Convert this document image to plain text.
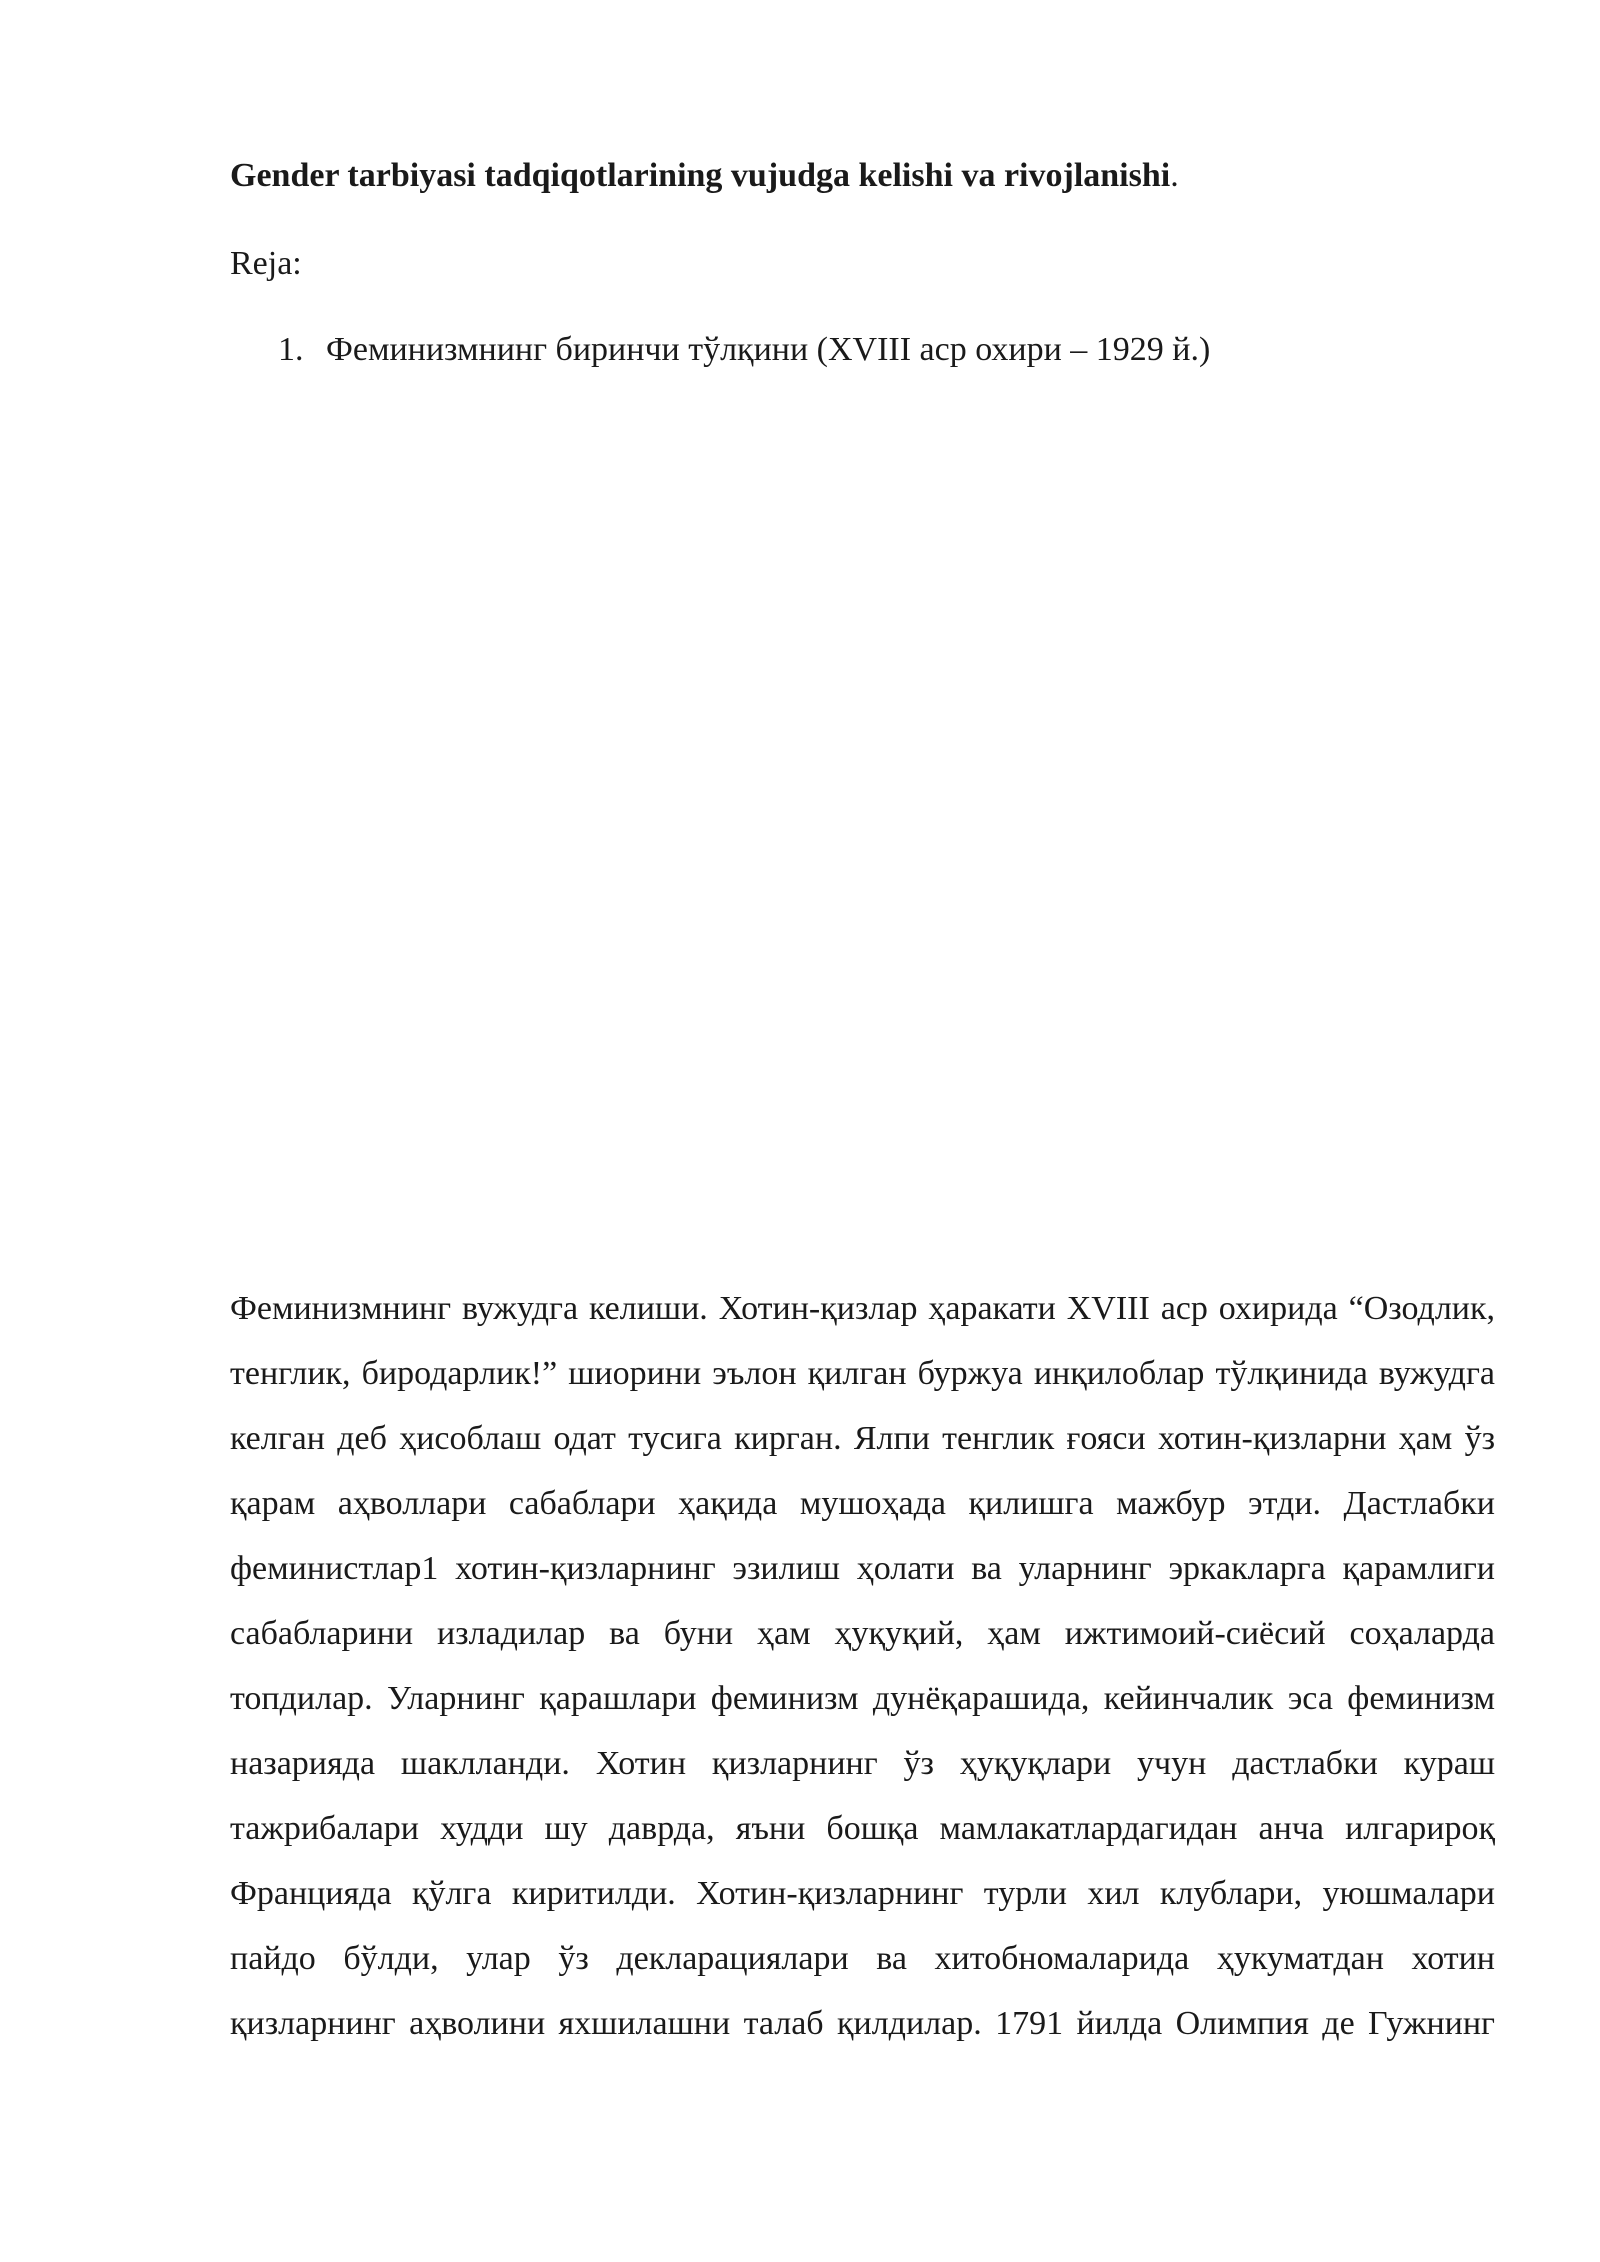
Gender tarbiyasi tadqiqotlarining vujudga kelishi va rivojlanishi.
Reja:
1. Феминизмнинг биринчи тўлқини (XVIII аср охири – 1929 й.)

Феминизмнинг вужудга келиши. Хотин-қизлар ҳаракати XVIII аср охирида “Озодлик, тенглик, биродарлик!” шиорини эълон қилган буржуа инқилоблар тўлқинида вужудга келган деб ҳисоблаш одат тусига кирган. Ялпи тенглик ғояси хотин-қизларни ҳам ўз қарам аҳволлари сабаблари ҳақида мушоҳада қилишга мажбур этди. Дастлабки феминистлар1 хотин-қизларнинг эзилиш ҳолати ва уларнинг эркакларга қарамлиги сабабларини изладилар ва буни ҳам ҳуқуқий, ҳам ижтимоий-сиёсий соҳаларда топдилар. Уларнинг қарашлари феминизм дунёқарашида, кейинчалик эса феминизм назарияда шаклланди. Хотин қизларнинг ўз ҳуқуқлари учун дастлабки кураш тажрибалари худди шу даврда, яъни бошқа мамлакатлардагидан анча илгарироқ Францияда қўлга киритилди. Хотин-қизларнинг турли хил клублари, уюшмалари пайдо бўлди, улар ўз декларациялари ва хитобномаларида ҳукуматдан хотин қизларнинг аҳволини яхшилашни талаб қилдилар. 1791 йилда Олимпия де Гужнинг
